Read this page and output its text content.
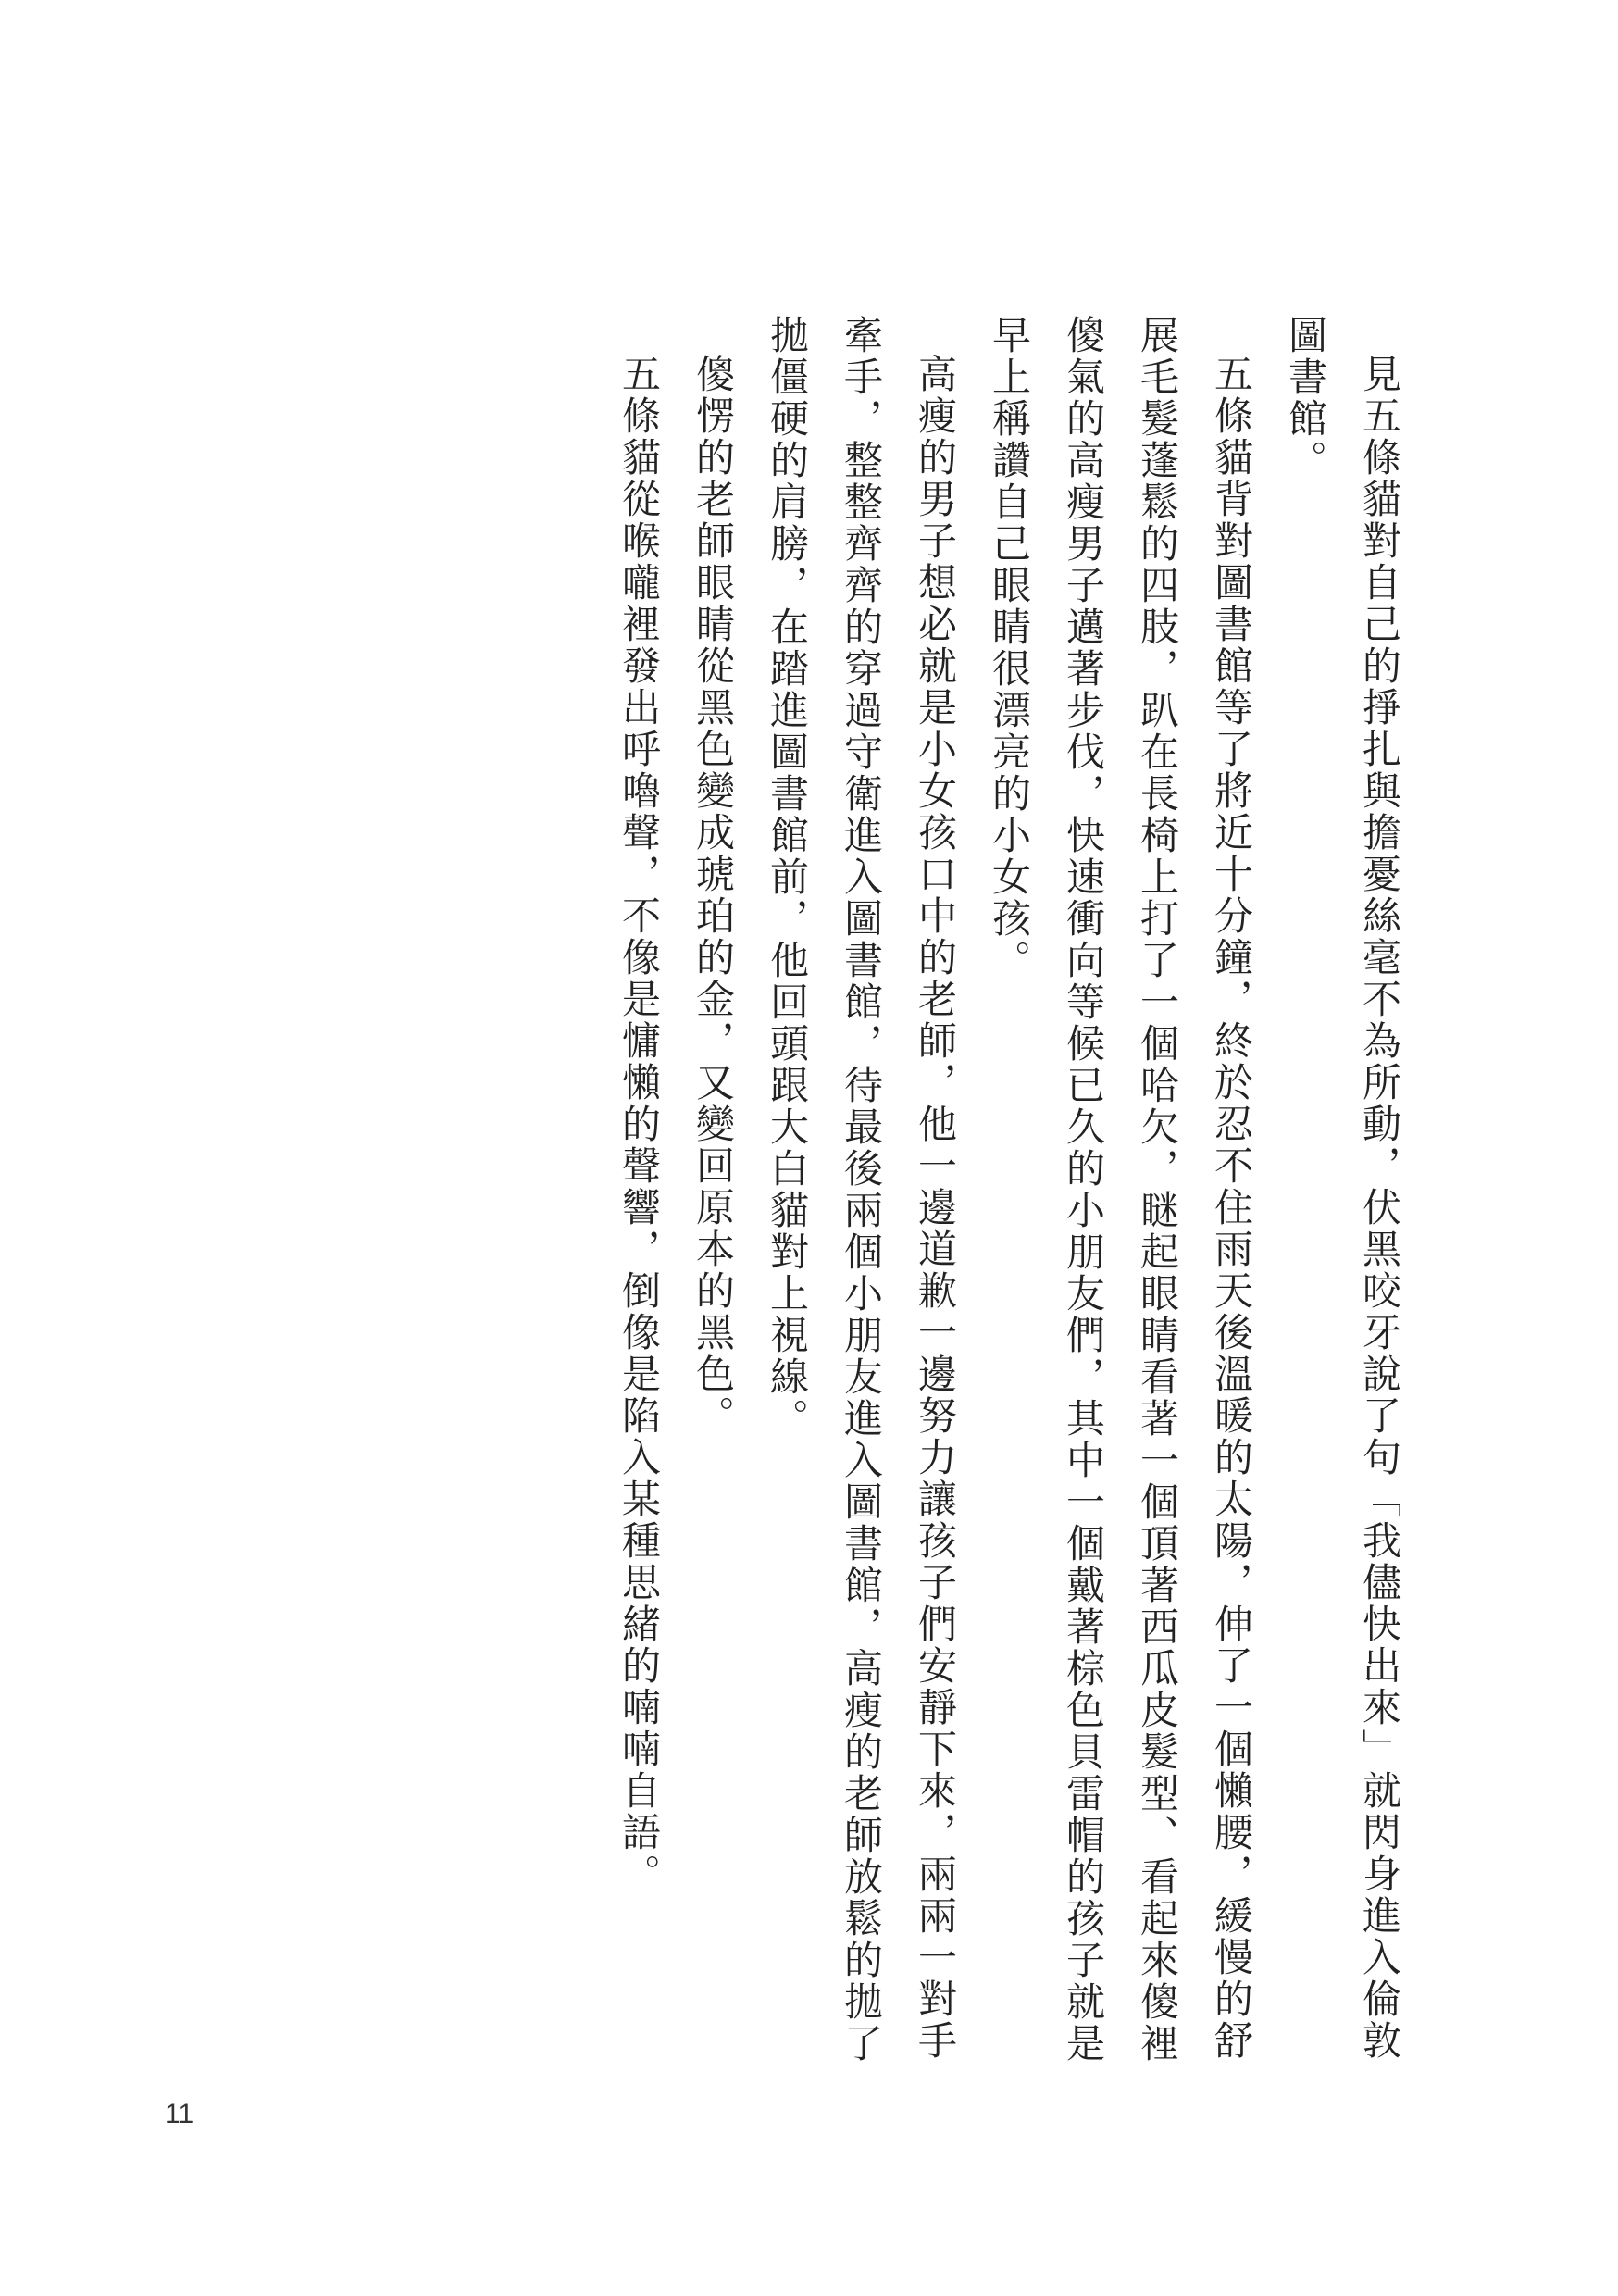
見五條貓對自己的掙扎與擔憂絲毫不為所動，伏黑咬牙說了句「我儘快出來」就閃身進入倫敦圖書館。

五條貓背對圖書館等了將近十分鐘，終於忍不住雨天後溫暖的太陽，伸了一個懶腰，緩慢的舒展毛髮蓬鬆的四肢，趴在長椅上打了一個哈欠，瞇起眼睛看著一個頂著西瓜皮髮型、看起來傻裡傻氣的高瘦男子邁著步伐，快速衝向等候已久的小朋友們，其中一個戴著棕色貝雷帽的孩子就是早上稱讚自己眼睛很漂亮的小女孩。

高瘦的男子想必就是小女孩口中的老師，他一邊道歉一邊努力讓孩子們安靜下來，兩兩一對手牽手，整整齊齊的穿過守衛進入圖書館，待最後兩個小朋友進入圖書館，高瘦的老師放鬆的拋了拋僵硬的肩膀，在踏進圖書館前，他回頭跟大白貓對上視線。

傻愣的老師眼睛從黑色變成琥珀的金，又變回原本的黑色。

五條貓從喉嚨裡發出呼嚕聲，不像是慵懶的聲響，倒像是陷入某種思緒的喃喃自語。

11
